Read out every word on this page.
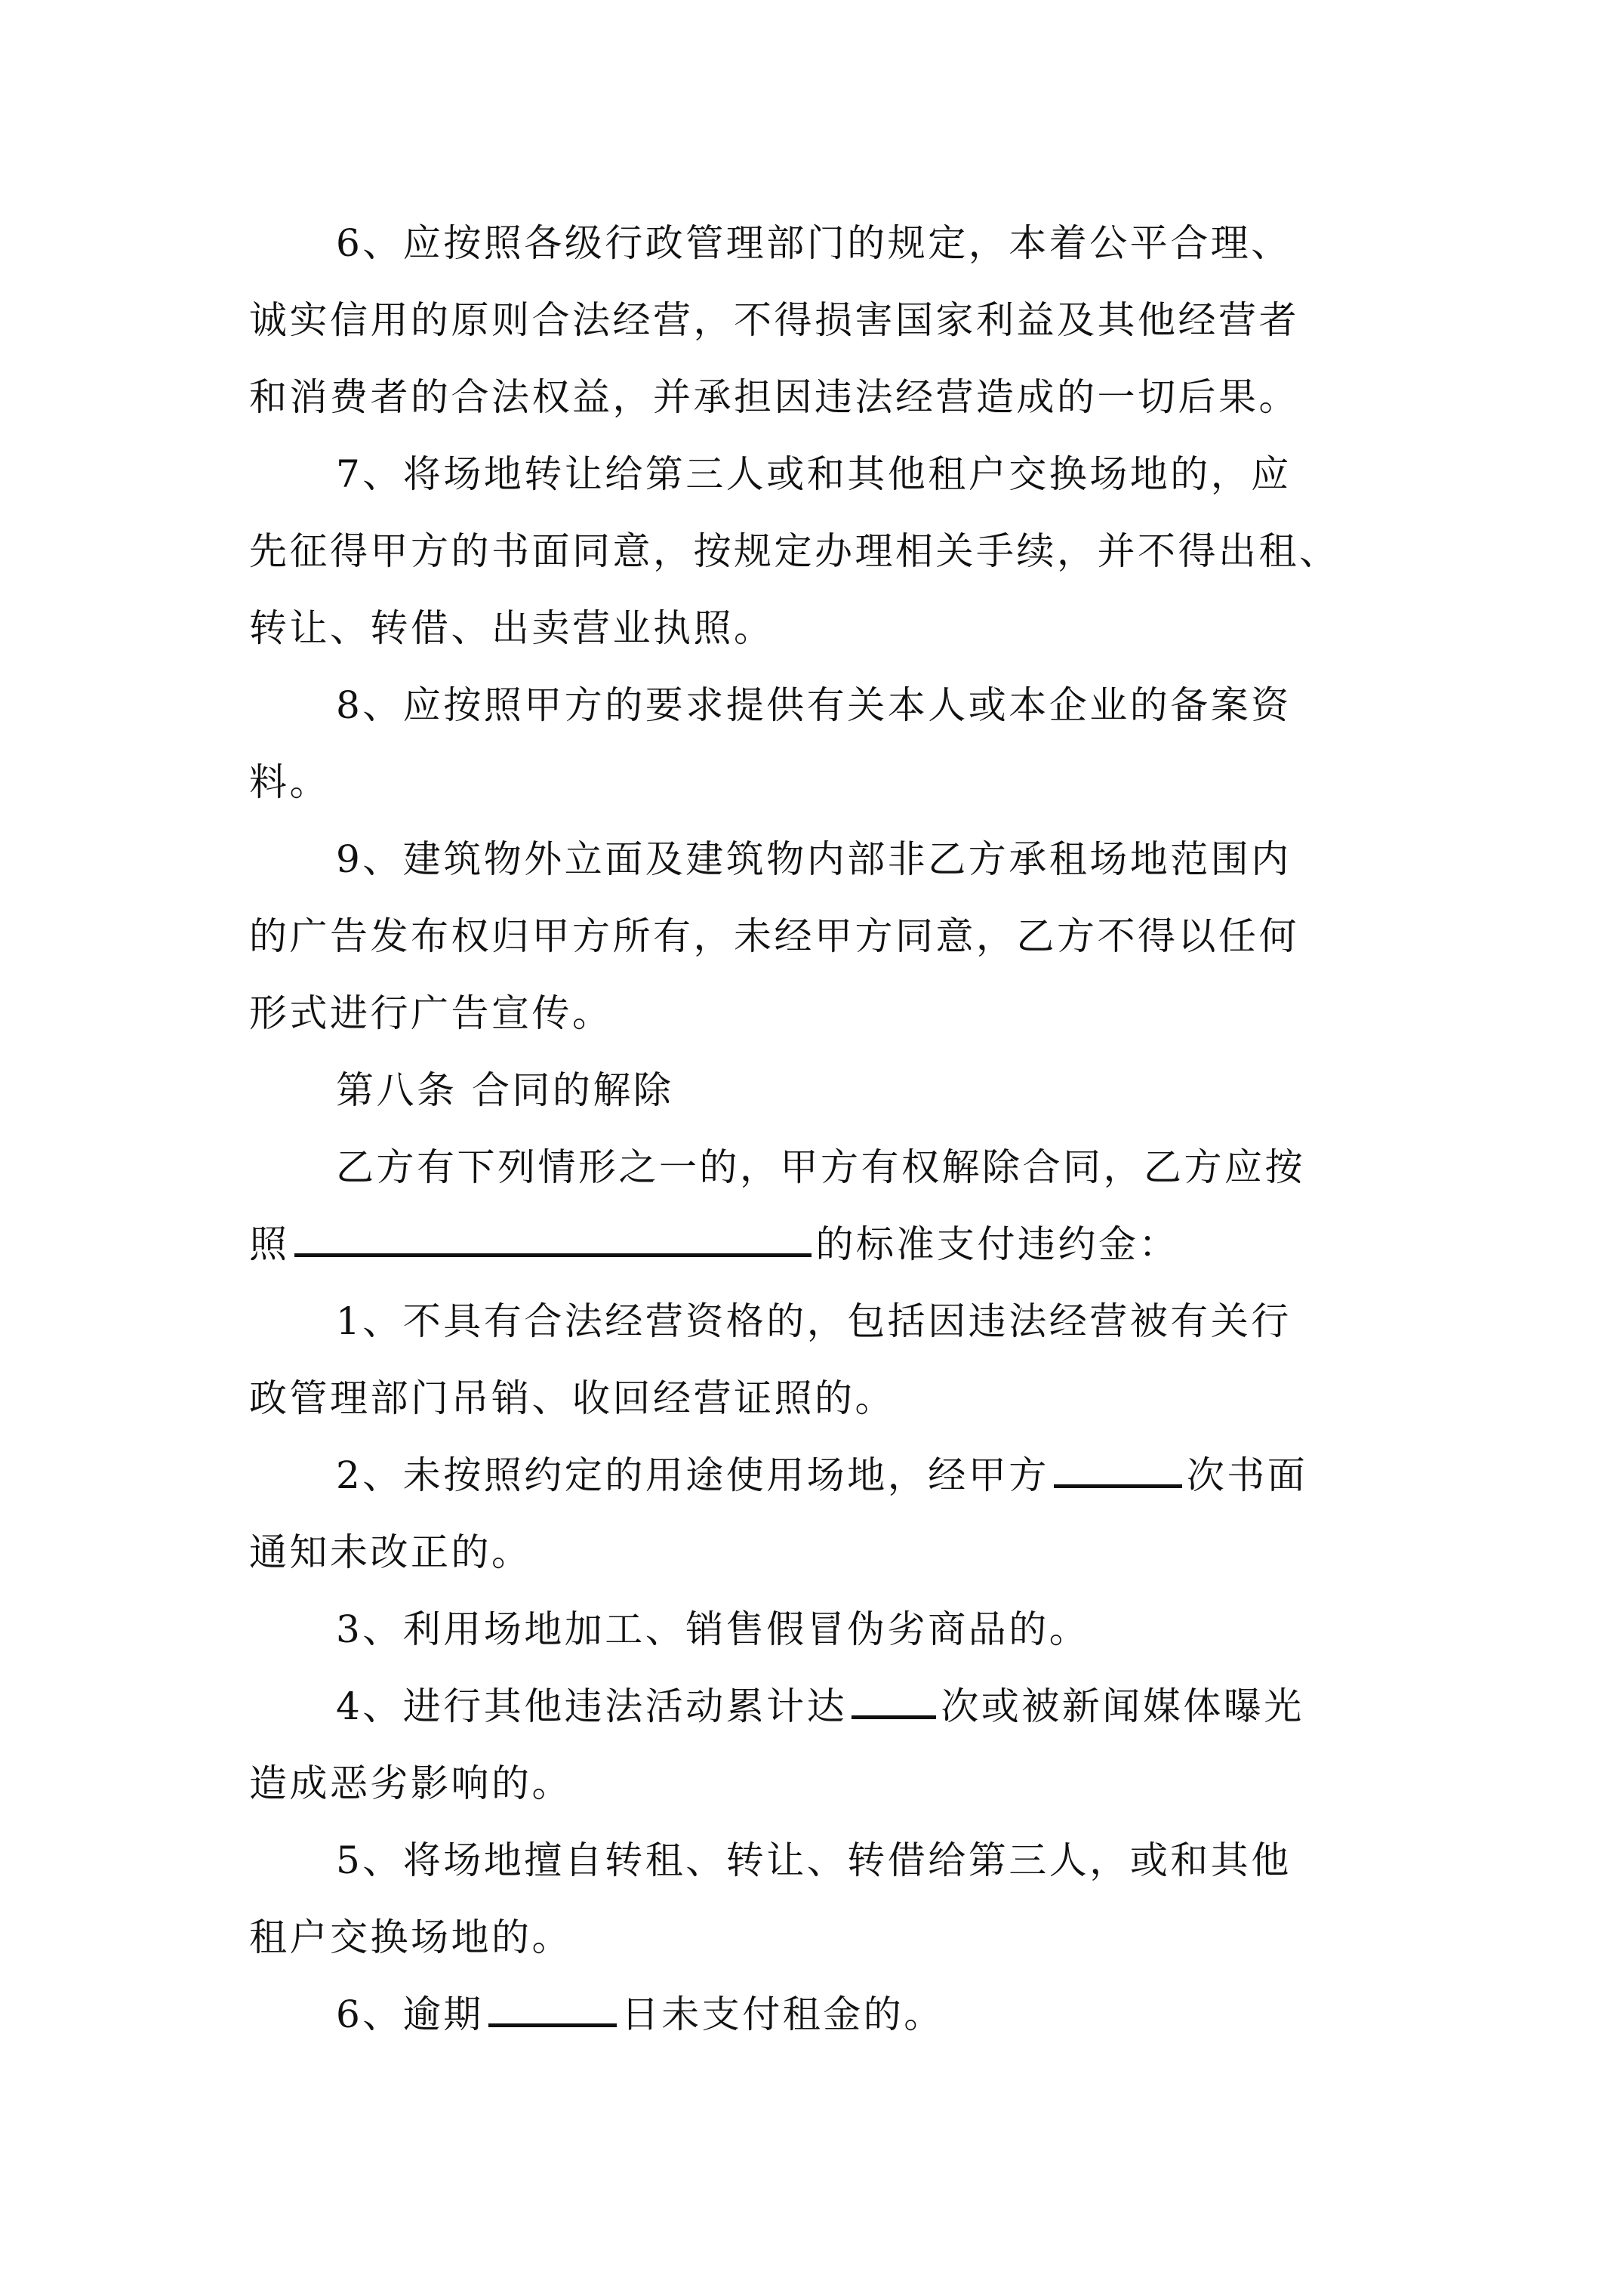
6、应按照各级行政管理部门的规定，本着公平合理、
诚实信用的原则合法经营，不得损害国家利益及其他经营者
和消费者的合法权益，并承担因违法经营造成的一切后果。
7、将场地转让给第三人或和其他租户交换场地的，应
先征得甲方的书面同意，按规定办理相关手续，并不得出租、
转让、转借、出卖营业执照。
8、应按照甲方的要求提供有关本人或本企业的备案资
料。
9、建筑物外立面及建筑物内部非乙方承租场地范围内
的广告发布权归甲方所有，未经甲方同意，乙方不得以任何
形式进行广告宣传。
第八条 合同的解除
乙方有下列情形之一的，甲方有权解除合同，乙方应按
照	的标准支付违约金：
1、不具有合法经营资格的，包括因违法经营被有关行
政管理部门吊销、收回经营证照的。
2、未按照约定的用途使用场地，经甲方	次书面
通知未改正的。
3、利用场地加工、销售假冒伪劣商品的。
4、进行其他违法活动累计达 次或被新闻媒体曝光
造成恶劣影响的。
5、将场地擅自转租、转让、转借给第三人，或和其他
租户交换场地的。
6、逾期	日未支付租金的。
